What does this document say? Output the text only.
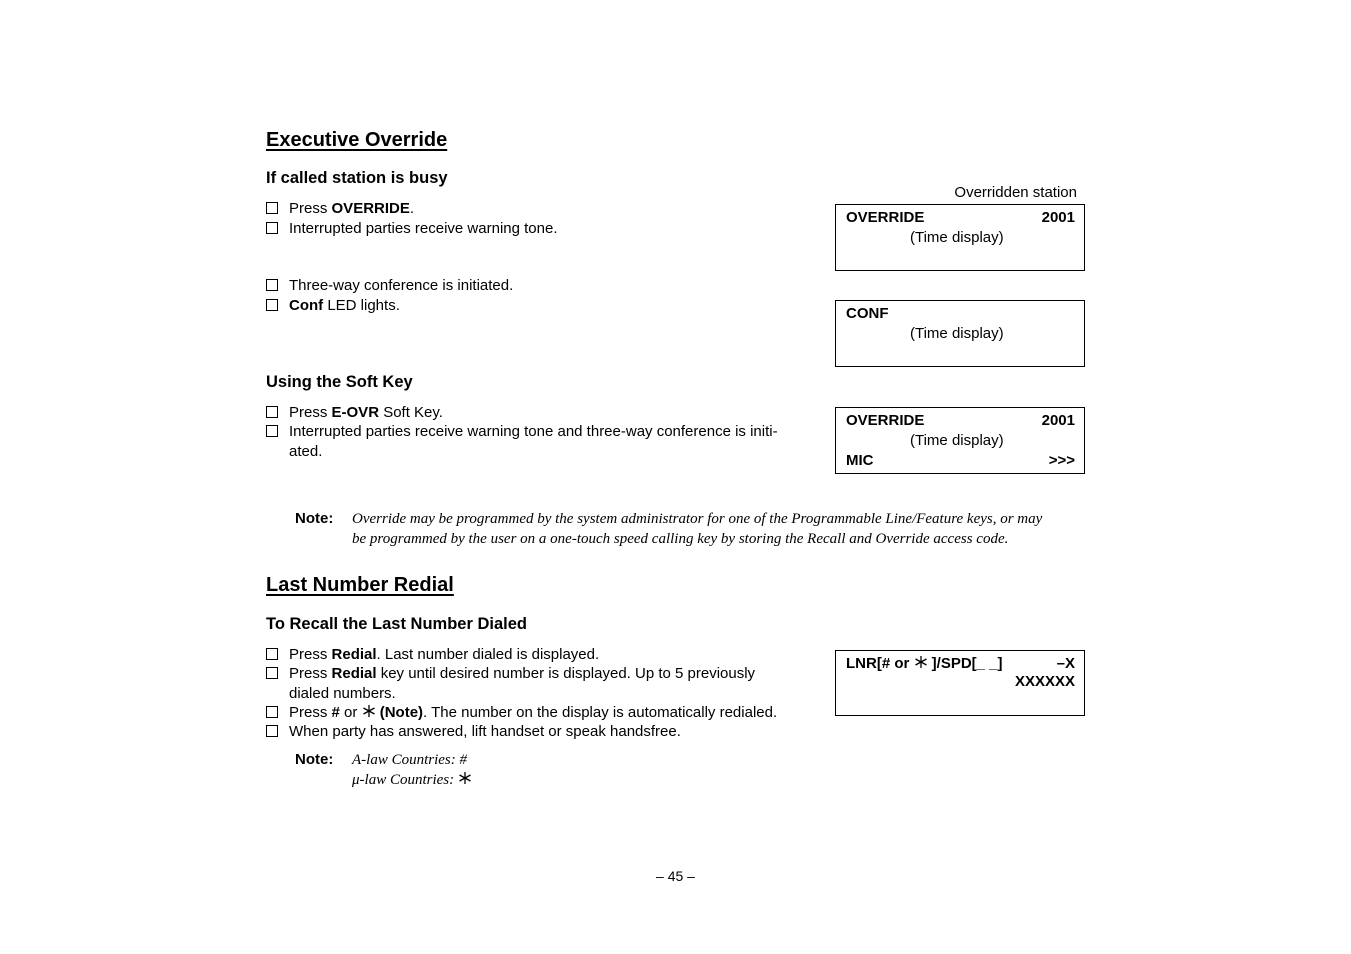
Executive Override
If called station is busy
Press OVERRIDE.
Interrupted parties receive warning tone.
Three-way conference is initiated.
Conf LED lights.
Overridden station
OVERRIDE	2001
(Time display)
CONF
(Time display)
Using the Soft Key
Press E-OVR Soft Key.
Interrupted parties receive warning tone and three-way conference is initi-
ated.
OVERRIDE	2001
(Time display)
MIC	>>>
Note: Override may be programmed by the system administrator for one of the Programmable Line/Feature keys, or may
be programmed by the user on a one-touch speed calling key by storing the Recall and Override access code.
Last Number Redial
To Recall the Last Number Dialed
Press Redial. Last number dialed is displayed.
Press Redial key until desired number is displayed. Up to 5 previously
dialed numbers.
Press # or  (Note). The number on the display is automatically redialed.
When party has answered, lift handset or speak handsfree.
LNR[# or  ]/SPD[_ _]	–X
XXXXXX
Note: A-law Countries: #
μ-law Countries:
– 45 –
